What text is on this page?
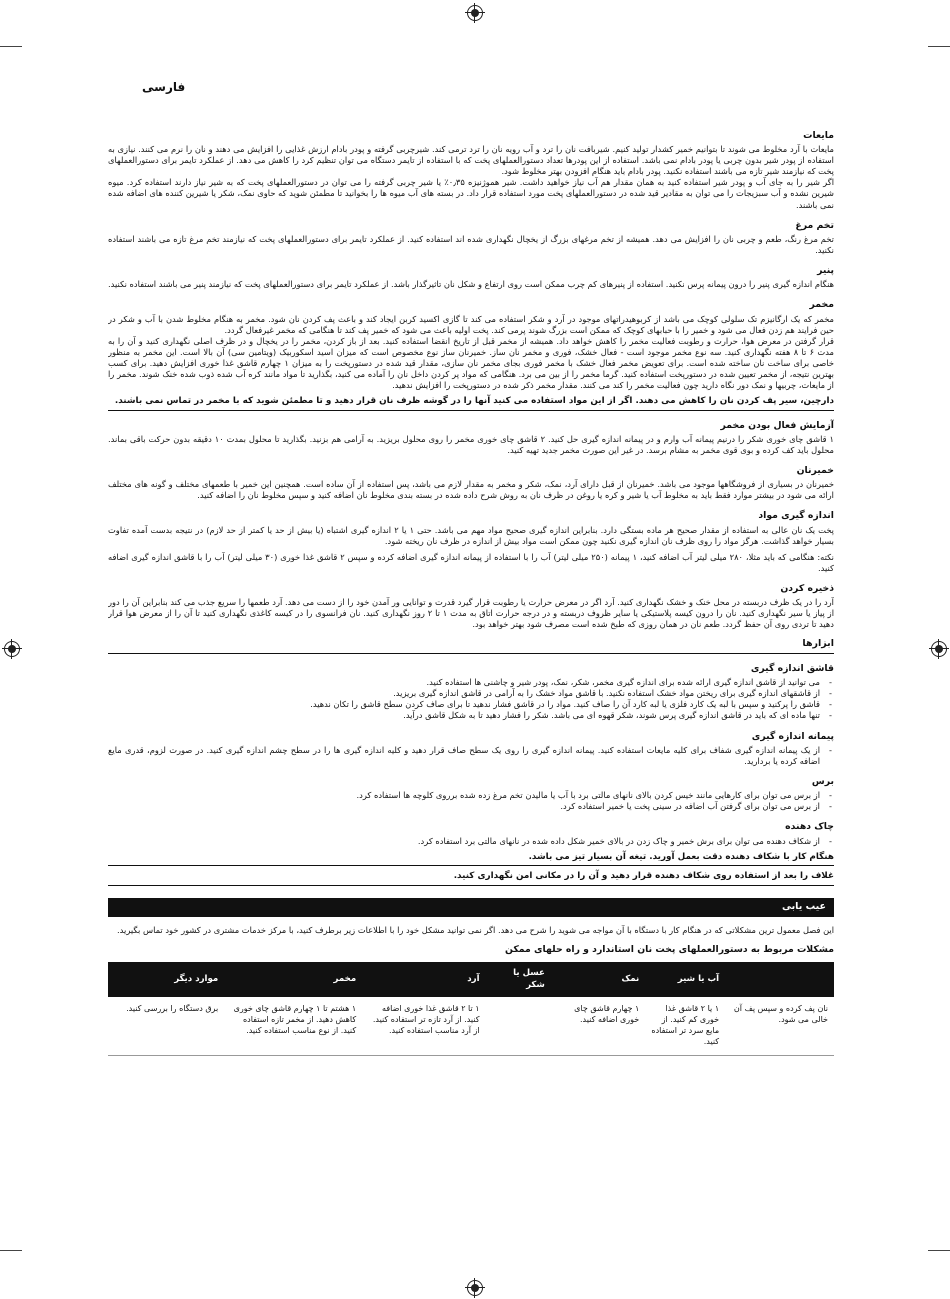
فارسی
مایعات

مایعات با آرد مخلوط می شوند تا بتوانیم خمیر کشدار تولید کنیم. شیربافت نان را ترد و آب رویه نان را ترد ترمی کند. شیرچربی گرفته و پودر بادام ارزش غذایی را افزایش می دهند و نان را نرم می کنند. نیازی به استفاده از پودر شیر بدون چربی یا پودر بادام نمی باشد. استفاده از این پودرها تعداد دستورالعملهای پخت که با استفاده از تایمر دستگاه می توان تنظیم کرد را کاهش می دهد. از عملکرد تایمر برای دستورالعملهای پخت که نیازمند شیر تازه می باشند استفاده نکنید. پودر بادام باید هنگام افزودن بهتر مخلوط شود.

اگر شیر را به جای آب و پودر شیر استفاده کنید به همان مقدار هم آب نیاز خواهید داشت. شیر هموژنیزه ۰٫۳۵٪ یا شیر چربی گرفته را می توان در دستورالعملهای پخت که به شیر نیاز دارند استفاده کرد. میوه شیرین نشده و آب سبزیجات را می توان به مقادیر قید شده در دستورالعملهای پخت مورد استفاده قرار داد. در بسته های آب میوه ها را بخوانید تا مطمئن شوید که حاوی نمک، شکر یا شیرین کننده های اضافه شده نمی باشند.

تخم مرغ

تخم مرغ رنگ، طعم و چربی نان را افزایش می دهد. همیشه از تخم مرغهای بزرگ از یخچال نگهداری شده اند استفاده کنید. از عملکرد تایمر برای دستورالعملهای پخت که نیازمند تخم مرغ تازه می باشند استفاده نکنید.

پنیر

هنگام اندازه گیری پنیر را درون پیمانه پرس نکنید. استفاده از پنیرهای کم چرب ممکن است روی ارتفاع و شکل نان تاثیرگذار باشد. از عملکرد تایمر برای دستورالعملهای پخت که نیازمند پنیر می باشند استفاده نکنید.

مخمر

مخمر که یک ارگانیزم تک سلولی کوچک می باشد از کربوهیدراتهای موجود در آرد و شکر استفاده می کند تا گازی اکسید کربن ایجاد کند و باعث پف کردن نان شود. مخمر به هنگام مخلوط شدن با آب و شکر در حین فرایند هم زدن فعال می شود و خمیر را با حبابهای کوچک که ممکن است بزرگ شوند پرمی کند. پخت اولیه باعث می شود که خمیر پف کند تا هنگامی که مخمر غیرفعال گردد.

قرار گرفتن در معرض هوا، حرارت و رطوبت فعالیت مخمر را کاهش خواهد داد. همیشه از مخمر قبل از تاریخ انقضا استفاده کنید. بعد از باز کردن، مخمر را در یخچال و در ظرف اصلی نگهداری کنید و آن را به مدت ۶ تا ۸ هفته نگهداری کنید. سه نوع مخمر موجود است - فعال خشک، فوری و مخمر نان ساز. خمیرنان ساز نوع مخصوص است که میزان اسید اسکوربیک (ویتامین سی) آن بالا است. این مخمر به منظور خاصی برای ساخت نان ساخته شده است. برای تعویض مخمر فعال خشک با مخمر فوری بجای مخمر نان سازی، مقدار قید شده در دستورپخت را به میزان ۱ چهارم قاشق غذا خوری افزایش دهید. برای کسب بهترین نتیجه، از مخمر تعیین شده در دستورپخت استفاده کنید. گرما مخمر را از بین می برد. هنگامی که مواد پر کردن داخل نان را آماده می کنید، بگذارید تا مواد مانند کره آب شده ذوب شده خنک شوند. مخمر را از مایعات، چربیها و نمک دور نگاه دارید چون فعالیت مخمر را کند می کنند. مقدار مخمر ذکر شده در دستورپخت را افزایش ندهید.

دارچین، سیر پف کردن نان را کاهش می دهند. اگر از این مواد استفاده می کنید آنها را در گوشه ظرف نان قرار دهید و تا مطمئن شوید که با مخمر در تماس نمی باشند.

آزمایش فعال بودن مخمر

۱ قاشق چای خوری شکر را درنیم پیمانه آب وارم و در پیمانه اندازه گیری حل کنید. ۲ قاشق چای خوری مخمر را روی محلول بریزید. به آرامی هم بزنید. بگذارید تا محلول بمدت ۱۰ دقیقه بدون حرکت باقی بماند. محلول باید کف کرده و بوی قوی مخمر به مشام برسد. در غیر این صورت مخمر جدید تهیه کنید.

خمیرنان

خمیرنان در بسیاری از فروشگاهها موجود می باشد. خمیرنان از قبل دارای آرد، نمک، شکر و مخمر به مقدار لازم می باشد، پس استفاده از آن ساده است. همچنین این خمیر با طعمهای مختلف و گونه های مختلف ارائه می شود در بیشتر موارد فقط باید به مخلوط آب یا شیر و کره یا روغن در ظرف نان به روش شرح داده شده در بسته بندی مخلوط نان اضافه کنید و سپس مخلوط نان را اضافه کنید.

اندازه گیری مواد

پخت یک نان عالی به استفاده از مقدار صحیح هر ماده بستگی دارد. بنابراین اندازه گیری صحیح مواد مهم می باشد. حتی ۱ یا ۲ اندازه گیری اشتباه (یا بیش از حد یا کمتر از حد لازم) در نتیجه بدست آمده تفاوت بسیار خواهد گذاشت. هرگز مواد را روی ظرف نان اندازه گیری نکنید چون ممکن است مواد بیش از اندازه در ظرف نان ریخته شود.

نکته: هنگامی که باید مثلا، ۲۸۰ میلی لیتر آب اضافه کنید، ۱ پیمانه (۲۵۰ میلی لیتر) آب را با استفاده از پیمانه اندازه گیری اضافه کرده و سپس ۲ قاشق غذا خوری (۳۰ میلی لیتر) آب را با قاشق اندازه گیری اضافه کنید.

ذخیره کردن

آرد را در یک ظرف دربسته در محل خنک و خشک نگهداری کنید. آرد اگر در معرض حرارت یا رطوبت قرار گیرد قدرت و توانایی ور آمدن خود را از دست می دهد. آرد طعمها را سریع جذب می کند بنابراین آن را دور از پیاز یا سیر نگهداری کنید. نان را درون کیسه پلاستیکی یا سایر ظروف دربسته و در درجه حرارت اتاق به مدت ۱ تا ۲ روز نگهداری کنید. نان فرانسوی را در کیسه کاغذی نگهداری کنید تا آن را از معرض هوا قرار دهید تا تردی روی آن حفظ گردد. طعم نان در همان روزی که طبخ شده است مصرف شود بهتر خواهد بود.

ابزارها
قاشق اندازه گیری
- می توانید از قاشق اندازه گیری ارائه شده برای اندازه گیری مخمر، شکر، نمک، پودر شیر و چاشنی ها استفاده کنید.
- از قاشقهای اندازه گیری برای ریختن مواد خشک استفاده نکنید. با قاشق مواد خشک را به آرامی در قاشق اندازه گیری بریزید.
- قاشق را پرکنید و سپس با لبه یک کارد فلزی یا لبه کارد آن را صاف کنید. مواد را در قاشق فشار ندهید تا برای صاف کردن سطح قاشق را تکان ندهید.
- تنها ماده ای که باید در قاشق اندازه گیری پرس شوند، شکر قهوه ای می باشد. شکر را فشار دهید تا به شکل قاشق درآید.
پیمانه اندازه گیری
- از یک پیمانه اندازه گیری شفاف برای کلیه مایعات استفاده کنید. پیمانه اندازه گیری را روی یک سطح صاف قرار دهید و کلیه اندازه گیری ها را در سطح چشم اندازه گیری کنید. در صورت لزوم، قدری مایع اضافه کرده یا بردارید.
برس
- از برس می توان برای کارهایی مانند خیس کردن بالای نانهای مالتی برد با آب یا مالیدن تخم مرغ زده شده برروی کلوچه ها استفاده کرد.
- از برس می توان برای گرفتن آب اضافه در سینی پخت یا خمیر استفاده کرد.
چاک دهنده
- از شکاف دهنده می توان برای برش خمیر و چاک زدن در بالای خمیر شکل داده شده در نانهای مالتی برد استفاده کرد.

هنگام کار با شکاف دهنده دقت بعمل آورید. تیغه آن بسیار تیز می باشد.

غلاف را بعد از استفاده روی شکاف دهنده قرار دهید و آن را در مکانی امن نگهداری کنید.

عیب یابی

این فصل معمول ترین مشکلاتی که در هنگام کار با دستگاه با آن مواجه می شوید را شرح می دهد. اگر نمی توانید مشکل خود را با اطلاعات زیر برطرف کنید، با مرکز خدمات مشتری در کشور خود تماس بگیرید.

مشکلات مربوط به دستورالعملهای پخت نان استاندارد و راه حلهای ممکن
	آب یا شیر	نمک	عسل یا شکر	آرد	مخمر	موارد دیگر
نان پف کرده و سپس پف آن خالی می شود.	۱ یا ۲ قاشق غذا خوری کم کنید. از مایع سرد تر استفاده کنید.	۱ چهارم قاشق چای خوری اضافه کنید.		۱ تا ۲ قاشق غذا خوری اضافه کنید. از آرد تازه تر استفاده کنید. از آرد مناسب استفاده کنید.	۱ هشتم تا ۱ چهارم قاشق چای خوری کاهش دهید. از مخمر تازه استفاده کنید. از نوع مناسب استفاده کنید.	برق دستگاه را بررسی کنید.
